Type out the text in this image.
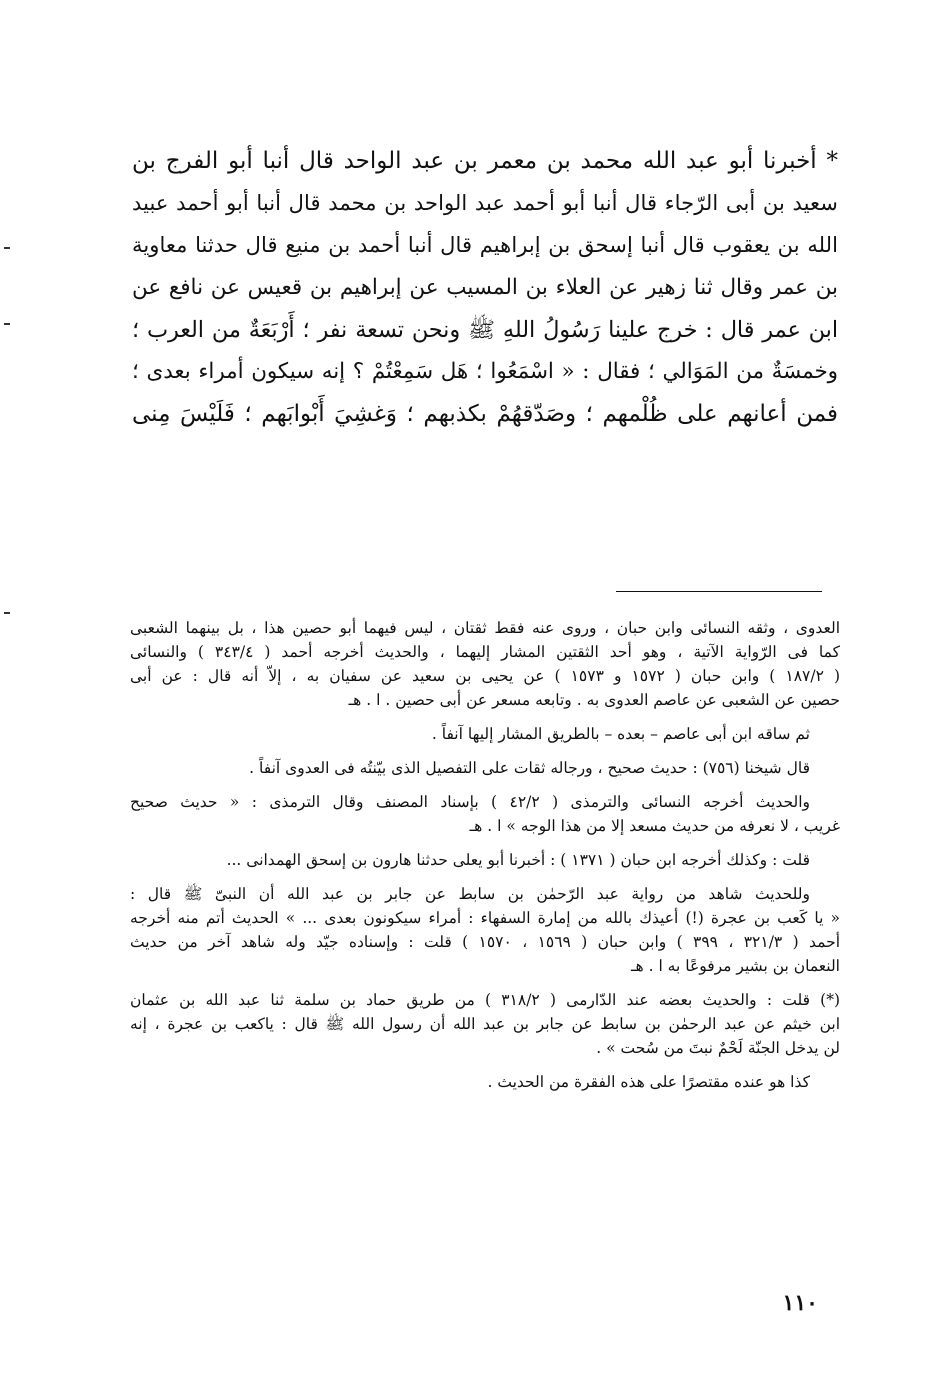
* أخبرنا أبو عبد الله محمد بن معمر بن عبد الواحد قال أنبا أبو الفرج بن
سعيد بن أبى الرّجاء قال أنبا أبو أحمد عبد الواحد بن محمد قال أنبا أبو أحمد عبيد
الله بن يعقوب قال أنبا إسحق بن إبراهيم قال أنبا أحمد بن منيع قال حدثنا معاوية
بن عمر وقال ثنا زهير عن العلاء بن المسيب عن إبراهيم بن قعيس عن نافع عن
ابن عمر قال : خرج علينا رَسُولُ اللهِ ﷺ ونحن تسعة نفر ؛ أَرْبَعَةٌ من العرب ؛
وخمسَةٌ من المَوَالي ؛ فقال : « اسْمَعُوا ؛ هَل سَمِعْتُمْ ؟ إنه سيكون أمراء بعدى ؛
فمن أعانهم على ظُلْمهم ؛ وصَدّقهُمْ بكذبهم ؛ وَغشِيَ أَبْوابَهم ؛ فَلَيْسَ مِنى

العدوى ، وثقه النسائى وابن حبان ، وروى عنه فقط ثقتان ، ليس فيهما أبو حصين هذا ، بل بينهما الشعبى
كما فى الرّواية الآتية ، وهو أحد الثقتين المشار إليهما ، والحديث أخرجه أحمد ( ٣٤٣/٤ ) والنسائى
( ١٨٧/٢ ) وابن حبان ( ١٥٧٢ و ١٥٧٣ ) عن يحيى بن سعيد عن سفيان به ، إلاّ أنه قال : عن أبى
حصين عن الشعبى عن عاصم العدوى به . وتابعه مسعر عن أبى حصين . ا . هـ

ثم ساقه ابن أبى عاصم – بعده – بالطريق المشار إليها آنفاً .

قال شيخنا (٧٥٦) : حديث صحيح ، ورجاله ثقات على التفصيل الذى بيّنتُه فى العدوى آنفاً .

والحديث أخرجه النسائى والترمذى ( ٤٢/٢ ) بإسناد المصنف وقال الترمذى : « حديث صحيح
غريب ، لا نعرفه من حديث مسعد إلا من هذا الوجه » ا . هـ

قلت : وكذلك أخرجه ابن حبان ( ١٣٧١ ) : أخبرنا أبو يعلى حدثنا هارون بن إسحق الهمدانى ...

وللحديث شاهد من رواية عبد الرّحمٰن بن سابط عن جابر بن عبد الله أن النبىّ ﷺ قال :
« يا كَعب بن عجرة (!) أعيذك بالله من إمارة السفهاء : أمراء سيكونون بعدى ... » الحديث أتم منه أخرجه
أحمد ( ٣٢١/٣ ، ٣٩٩ ) وابن حبان ( ١٥٦٩ ، ١٥٧٠ ) قلت : وإسناده جيّد وله شاهد آخر من حديث
النعمان بن بشير مرفوعًا به ا . هـ

(*) قلت : والحديث بعضه عند الدّارمى ( ٣١٨/٢ ) من طريق حماد بن سلمة ثنا عبد الله بن عثمان
ابن خيثم عن عبد الرحمٰن بن سابط عن جابر بن عبد الله أن رسول الله ﷺ قال : ياكعب بن عجرة ، إنه
لن يدخل الجنّة لَحْمٌ نبتَ من سُحت » .

كذا هو عنده مقتصرًا على هذه الفقرة من الحديث .

١١٠
